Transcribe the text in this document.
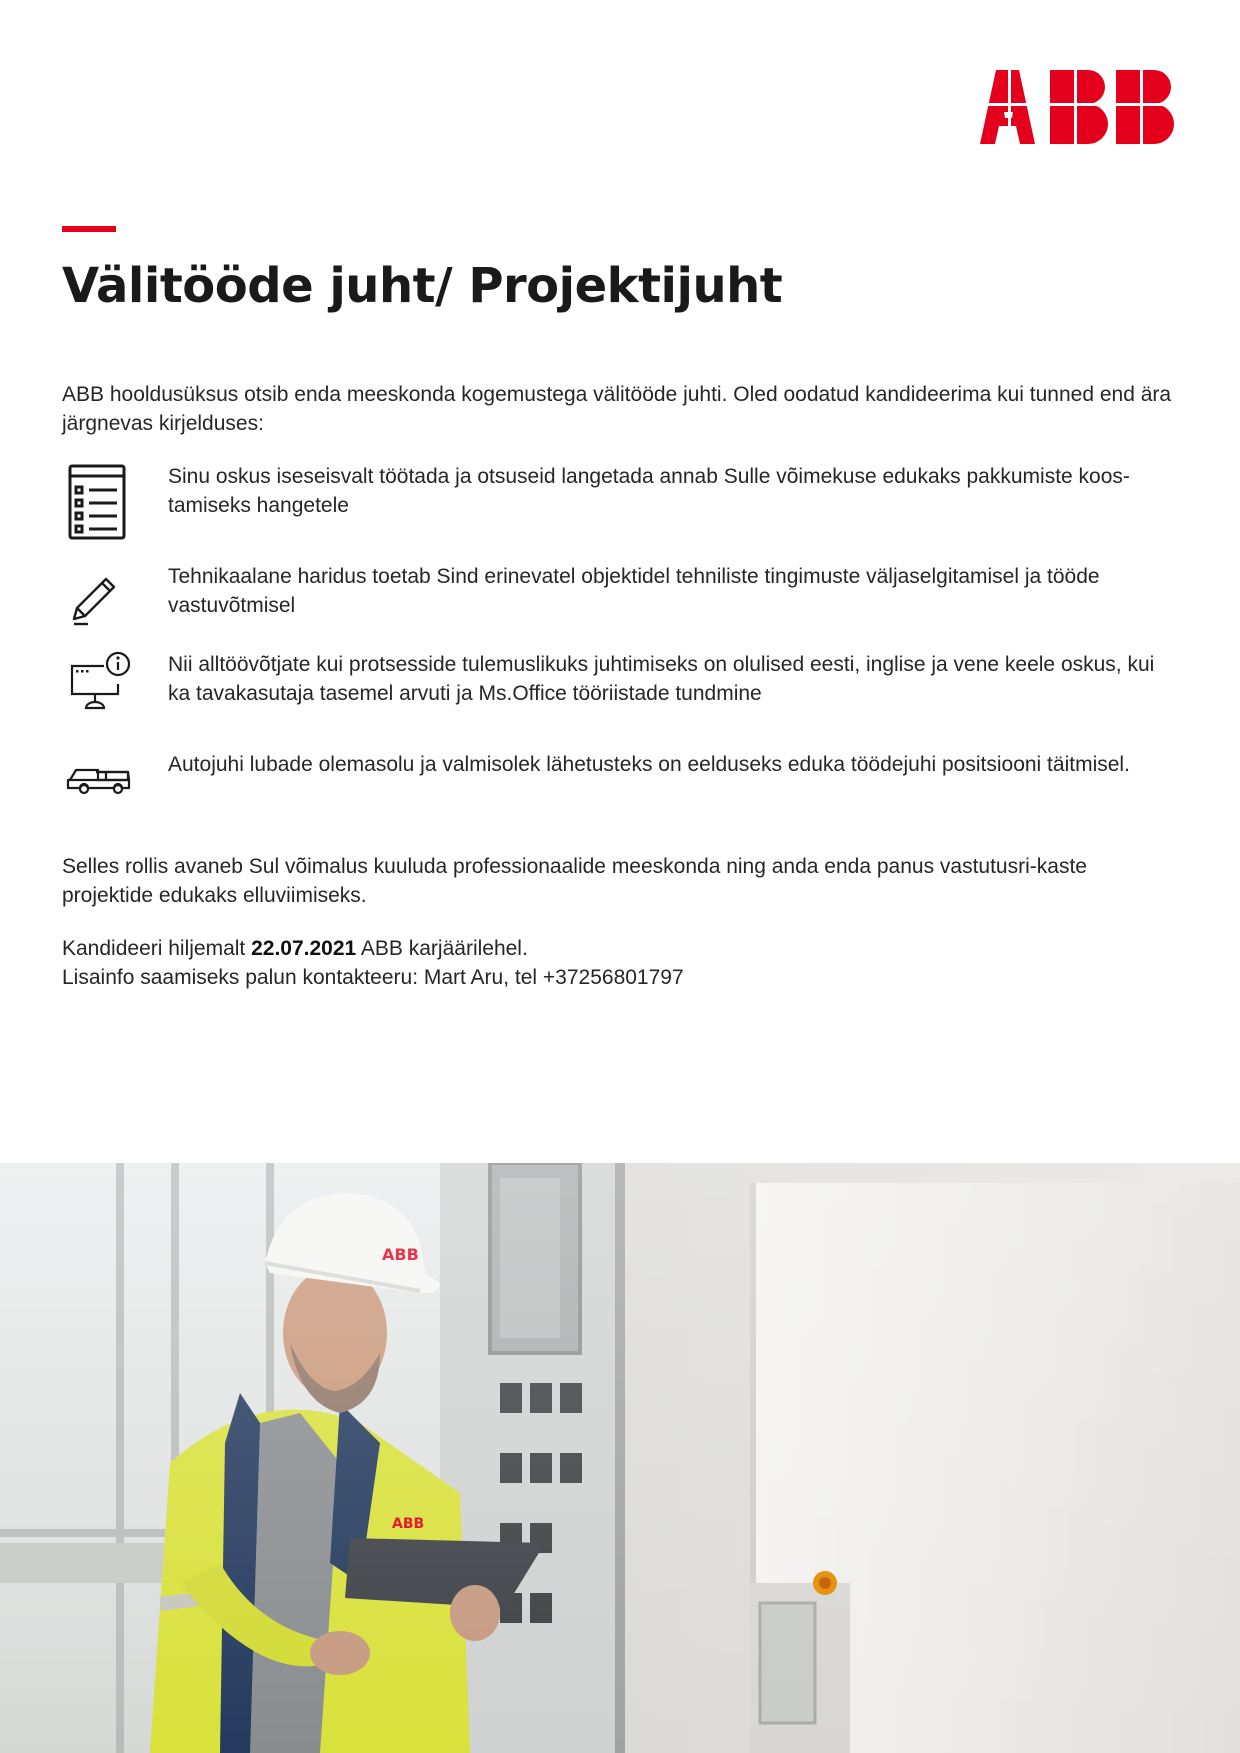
Välitööde juht/ Projektijuht

ABB hooldusüksus otsib enda meeskonda kogemustega välitööde juhti. Oled oodatud kandideerima kui tunned end ära järgnevas kirjelduses:

Sinu oskus iseseisvalt töötada ja otsuseid langetada annab Sulle võimekuse edukaks pakkumiste koos-tamiseks hangetele

Tehnikaalane haridus toetab Sind erinevatel objektidel tehniliste tingimuste väljaselgitamisel ja tööde vastuvõtmisel

Nii alltöövõtjate kui protsesside tulemuslikuks juhtimiseks on olulised eesti, inglise ja vene keele oskus, kui ka tavakasutaja tasemel arvuti ja Ms.Office tööriistade tundmine

Autojuhi lubade olemasolu ja valmisolek lähetusteks on eelduseks eduka töödejuhi positsiooni täitmisel.

Selles rollis avaneb Sul võimalus kuuluda professionaalide meeskonda ning anda enda panus vastutusri-kaste projektide edukaks elluviimiseks.

Kandideeri hiljemalt 22.07.2021 ABB karjäärilehel.
Lisainfo saamiseks palun kontakteeru: Mart Aru, tel +37256801797
